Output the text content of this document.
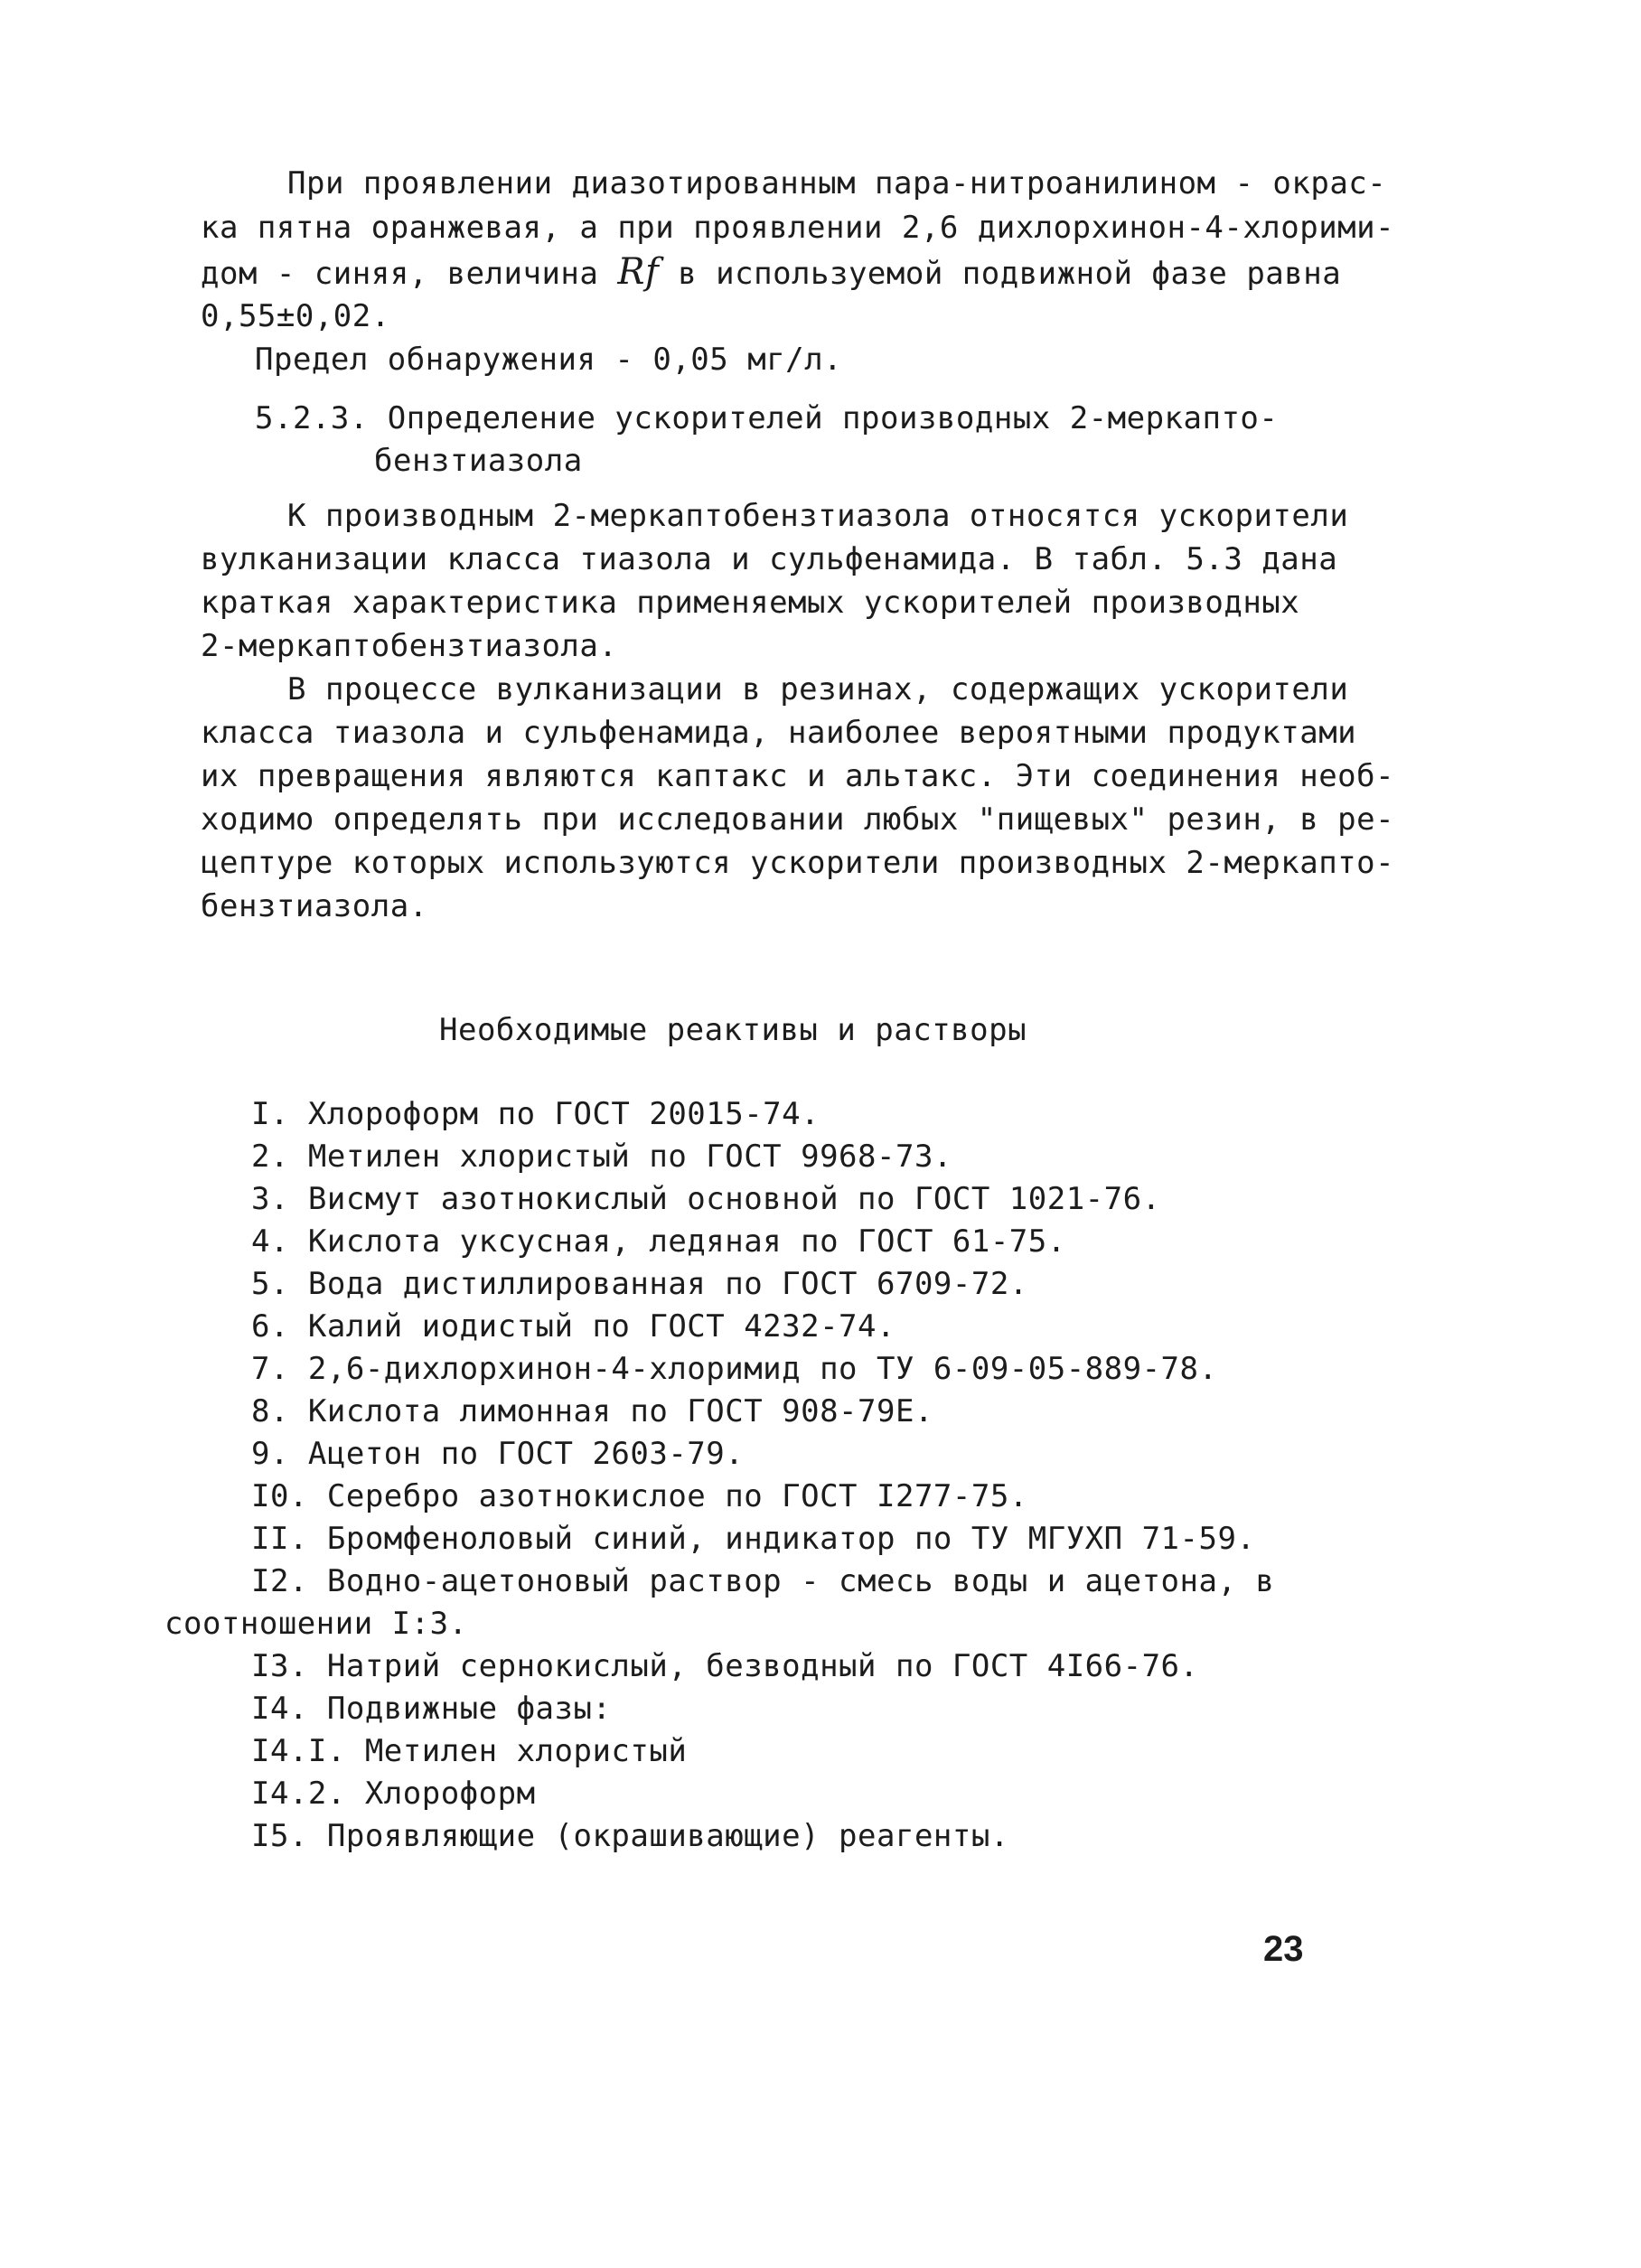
При проявлении диазотированным пара-нитроанилином - окрас-

ка пятна оранжевая, а при проявлении 2,6 дихлорхинон-4-хлорими-

дом - синяя, величина Rf в используемой подвижной фазе равна

0,55±0,02.

Предел обнаружения - 0,05 мг/л.

5.2.3. Определение ускорителей производных 2-меркапто-

бензтиазола

К производным 2-меркаптобензтиазола относятся ускорители

вулканизации класса тиазола и сульфенамида. В табл. 5.3 дана

краткая характеристика применяемых ускорителей производных

2-меркаптобензтиазола.

В процессе вулканизации в резинах, содержащих ускорители

класса тиазола и сульфенамида, наиболее вероятными продуктами

их превращения являются каптакс и альтакс. Эти соединения необ-

ходимо определять при исследовании любых "пищевых" резин, в ре-

цептуре которых используются ускорители производных 2-меркапто-

бензтиазола.

Необходимые реактивы и растворы

I. Хлороформ по ГОСТ 20015-74.

2. Метилен хлористый по ГОСТ 9968-73.

3. Висмут азотнокислый основной по ГОСТ 1021-76.

4. Кислота уксусная, ледяная по ГОСТ 61-75.

5. Вода дистиллированная по ГОСТ 6709-72.

6. Калий иодистый по ГОСТ 4232-74.

7. 2,6-дихлорхинон-4-хлоримид по ТУ 6-09-05-889-78.

8. Кислота лимонная по ГОСТ 908-79Е.

9. Ацетон по ГОСТ 2603-79.

I0. Серебро азотнокислое по ГОСТ I277-75.

II. Бромфеноловый синий, индикатор по ТУ МГУХП 71-59.

I2. Водно-ацетоновый раствор - смесь воды и ацетона, в

соотношении I:3.

I3. Натрий сернокислый, безводный по ГОСТ 4I66-76.

I4. Подвижные фазы:

I4.I. Метилен хлористый

I4.2. Хлороформ

I5. Проявляющие (окрашивающие) реагенты.

23
